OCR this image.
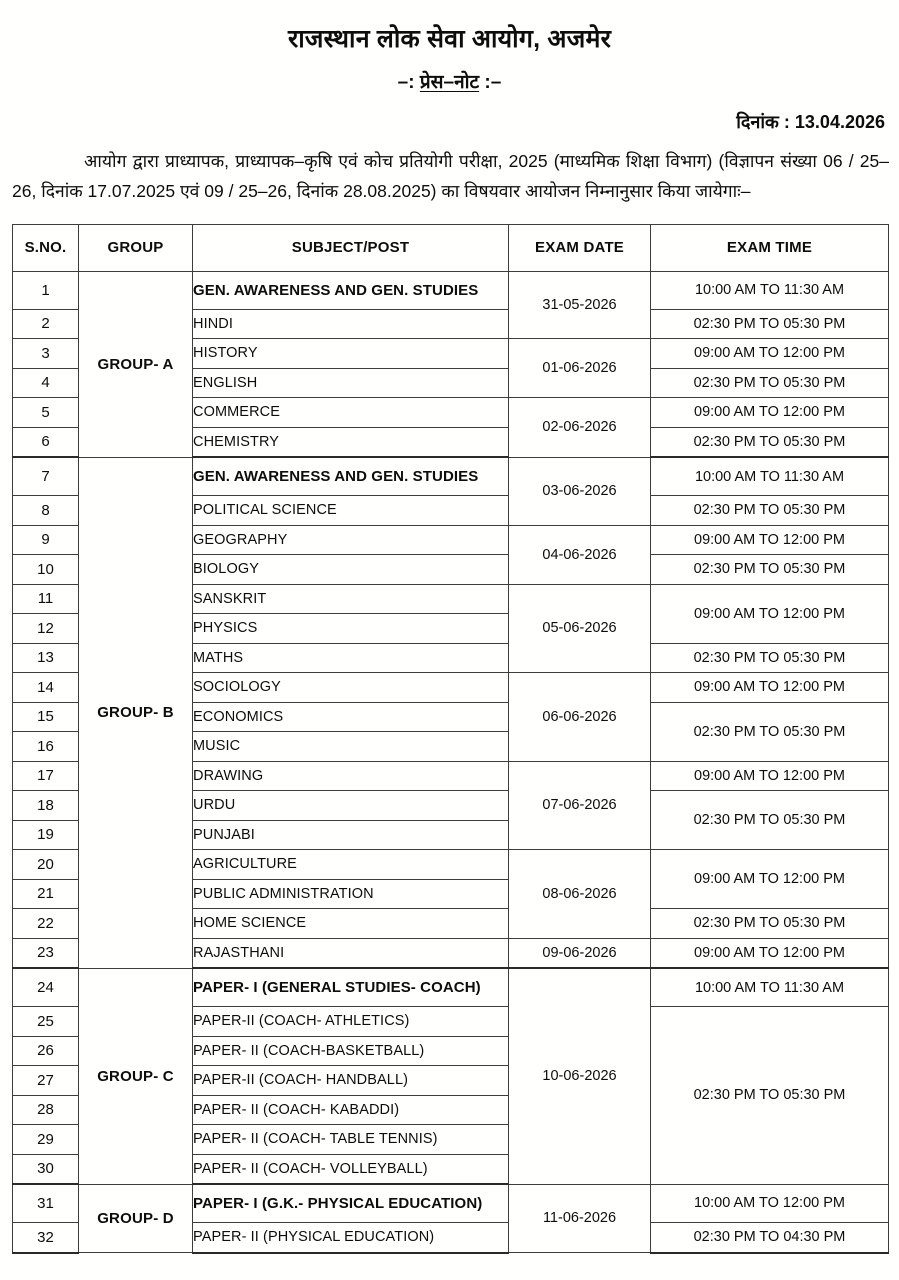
राजस्थान लोक सेवा आयोग, अजमेर
–: प्रेस–नोट :–
दिनांक : 13.04.2026
आयोग द्वारा प्राध्यापक, प्राध्यापक–कृषि एवं कोच प्रतियोगी परीक्षा, 2025 (माध्यमिक शिक्षा विभाग) (विज्ञापन संख्या 06 / 25–26, दिनांक 17.07.2025 एवं 09 / 25–26, दिनांक 28.08.2025) का विषयवार आयोजन निम्नानुसार किया जायेगाः–
S.NO.	GROUP	SUBJECT/POST	EXAM DATE	EXAM TIME
1	GROUP- A	GEN. AWARENESS AND GEN. STUDIES	31-05-2026	10:00 AM TO 11:30 AM
2		HINDI		02:30 PM TO 05:30 PM
3		HISTORY	01-06-2026	09:00 AM TO 12:00 PM
4		ENGLISH		02:30 PM TO 05:30 PM
5		COMMERCE	02-06-2026	09:00 AM TO 12:00 PM
6		CHEMISTRY		02:30 PM TO 05:30 PM
7	GROUP- B	GEN. AWARENESS AND GEN. STUDIES	03-06-2026	10:00 AM TO 11:30 AM
8		POLITICAL SCIENCE		02:30 PM TO 05:30 PM
9		GEOGRAPHY	04-06-2026	09:00 AM TO 12:00 PM
10		BIOLOGY		02:30 PM TO 05:30 PM
11		SANSKRIT	05-06-2026	09:00 AM TO 12:00 PM
12		PHYSICS		
13		MATHS		02:30 PM TO 05:30 PM
14		SOCIOLOGY	06-06-2026	09:00 AM TO 12:00 PM
15		ECONOMICS		02:30 PM TO 05:30 PM
16		MUSIC		
17		DRAWING	07-06-2026	09:00 AM TO 12:00 PM
18		URDU		02:30 PM TO 05:30 PM
19		PUNJABI		
20		AGRICULTURE	08-06-2026	09:00 AM TO 12:00 PM
21		PUBLIC ADMINISTRATION		
22		HOME SCIENCE		02:30 PM TO 05:30 PM
23		RAJASTHANI	09-06-2026	09:00 AM TO 12:00 PM
24	GROUP- C	PAPER- I (GENERAL STUDIES- COACH)	10-06-2026	10:00 AM TO 11:30 AM
25		PAPER-II (COACH- ATHLETICS)		02:30 PM TO 05:30 PM
26		PAPER- II (COACH-BASKETBALL)		
27		PAPER-II (COACH- HANDBALL)		
28		PAPER- II (COACH- KABADDI)		
29		PAPER- II (COACH- TABLE TENNIS)		
30		PAPER- II (COACH- VOLLEYBALL)		
31	GROUP- D	PAPER- I (G.K.- PHYSICAL EDUCATION)	11-06-2026	10:00 AM TO 12:00 PM
32		PAPER- II (PHYSICAL EDUCATION)		02:30 PM TO 04:30 PM
